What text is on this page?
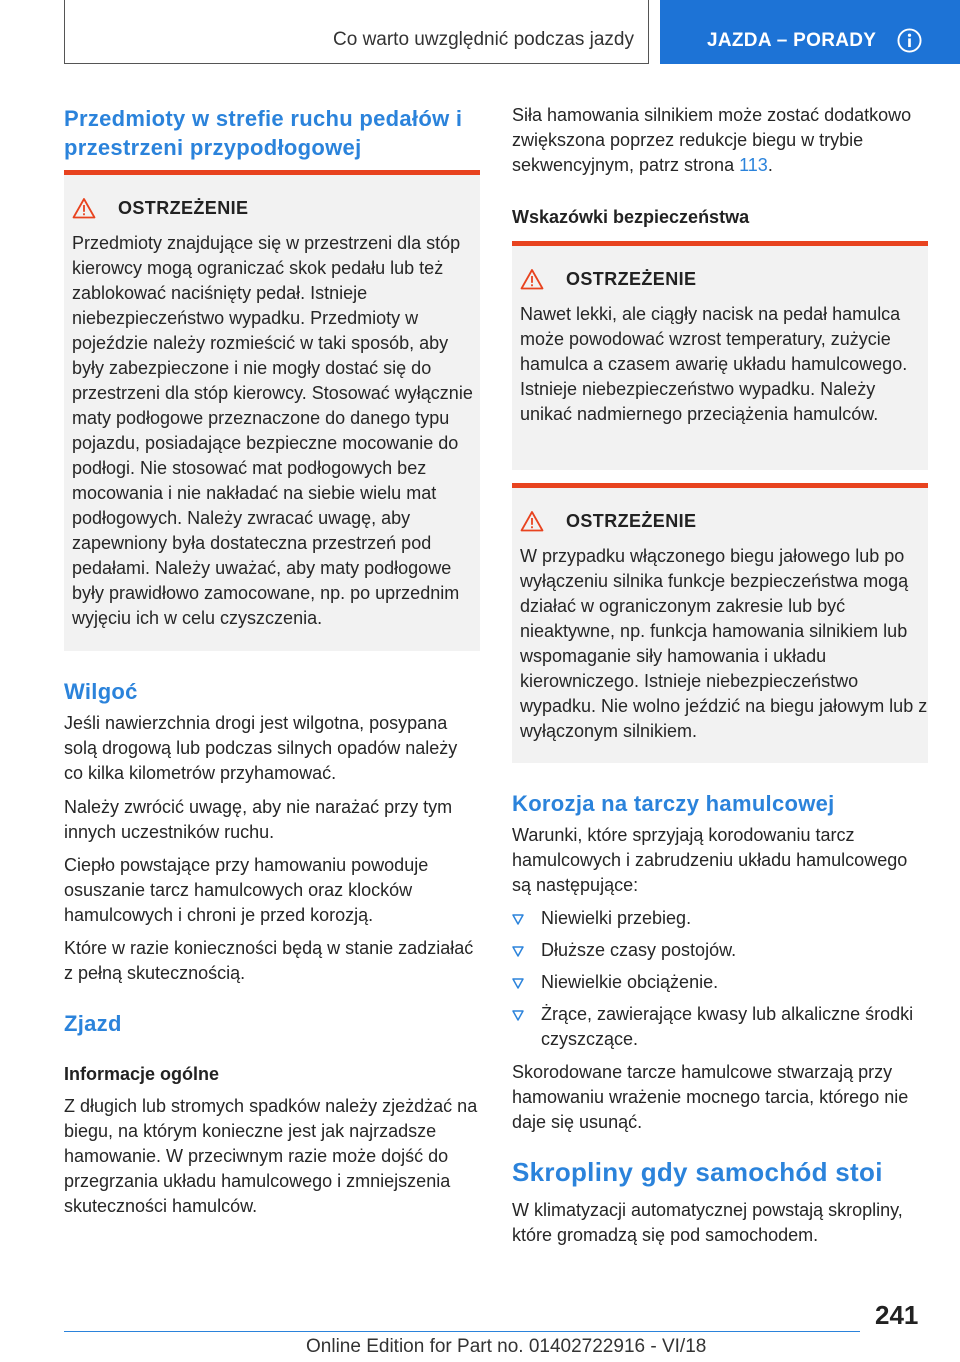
Co warto uwzględnić podczas jazdy	JAZDA – PORADY
Przedmioty w strefie ruchu pedałów i przestrzeni przypodłogowej
OSTRZEŻENIE

Przedmioty znajdujące się w przestrzeni dla stóp kierowcy mogą ograniczać skok pedału lub też zablokować naciśnięty pedał. Istnieje niebezpieczeństwo wypadku. Przedmioty w pojeździe należy rozmieścić w taki sposób, aby były zabezpieczone i nie mogły dostać się do przestrzeni dla stóp kierowcy. Stosować wyłącznie maty podłogowe przeznaczone do danego typu pojazdu, posiadające bezpieczne mocowanie do podłogi. Nie stosować mat podłogowych bez mocowania i nie nakładać na siebie wielu mat podłogowych. Należy zwracać uwagę, aby zapewniony była dostateczna przestrzeń pod pedałami. Należy uważać, aby maty podłogowe były prawidłowo zamocowane, np. po uprzednim wyjęciu ich w celu czyszczenia.

Wilgoć

Jeśli nawierzchnia drogi jest wilgotna, posypana solą drogową lub podczas silnych opadów należy co kilka kilometrów przyhamować.

Należy zwrócić uwagę, aby nie narażać przy tym innych uczestników ruchu.

Ciepło powstające przy hamowaniu powoduje osuszanie tarcz hamulcowych oraz klocków hamulcowych i chroni je przed korozją.

Które w razie konieczności będą w stanie zadziałać z pełną skutecznością.

Zjazd
Informacje ogólne

Z długich lub stromych spadków należy zjeżdżać na biegu, na którym konieczne jest jak najrzadsze hamowanie. W przeciwnym razie może dojść do przegrzania układu hamulcowego i zmniejszenia skuteczności hamulców.

Siła hamowania silnikiem może zostać dodatkowo zwiększona poprzez redukcje biegu w trybie sekwencyjnym, patrz strona 113.

Wskazówki bezpieczeństwa
OSTRZEŻENIE

Nawet lekki, ale ciągły nacisk na pedał hamulca może powodować wzrost temperatury, zużycie hamulca a czasem awarię układu hamulcowego. Istnieje niebezpieczeństwo wypadku. Należy unikać nadmiernego przeciążenia hamulców.

OSTRZEŻENIE

W przypadku włączonego biegu jałowego lub po wyłączeniu silnika funkcje bezpieczeństwa mogą działać w ograniczonym zakresie lub być nieaktywne, np. funkcja hamowania silnikiem lub wspomaganie siły hamowania i układu kierowniczego. Istnieje niebezpieczeństwo wypadku. Nie wolno jeździć na biegu jałowym lub z wyłączonym silnikiem.

Korozja na tarczy hamulcowej

Warunki, które sprzyjają korodowaniu tarcz hamulcowych i zabrudzeniu układu hamulcowego są następujące:

Niewielki przebieg.
Dłuższe czasy postojów.
Niewielkie obciążenie.
Żrące, zawierające kwasy lub alkaliczne środki czyszczące.

Skorodowane tarcze hamulcowe stwarzają przy hamowaniu wrażenie mocnego tarcia, którego nie daje się usunąć.

Skropliny gdy samochód stoi

W klimatyzacji automatycznej powstają skropliny, które gromadzą się pod samochodem.

241
Online Edition for Part no. 01402722916 - VI/18
